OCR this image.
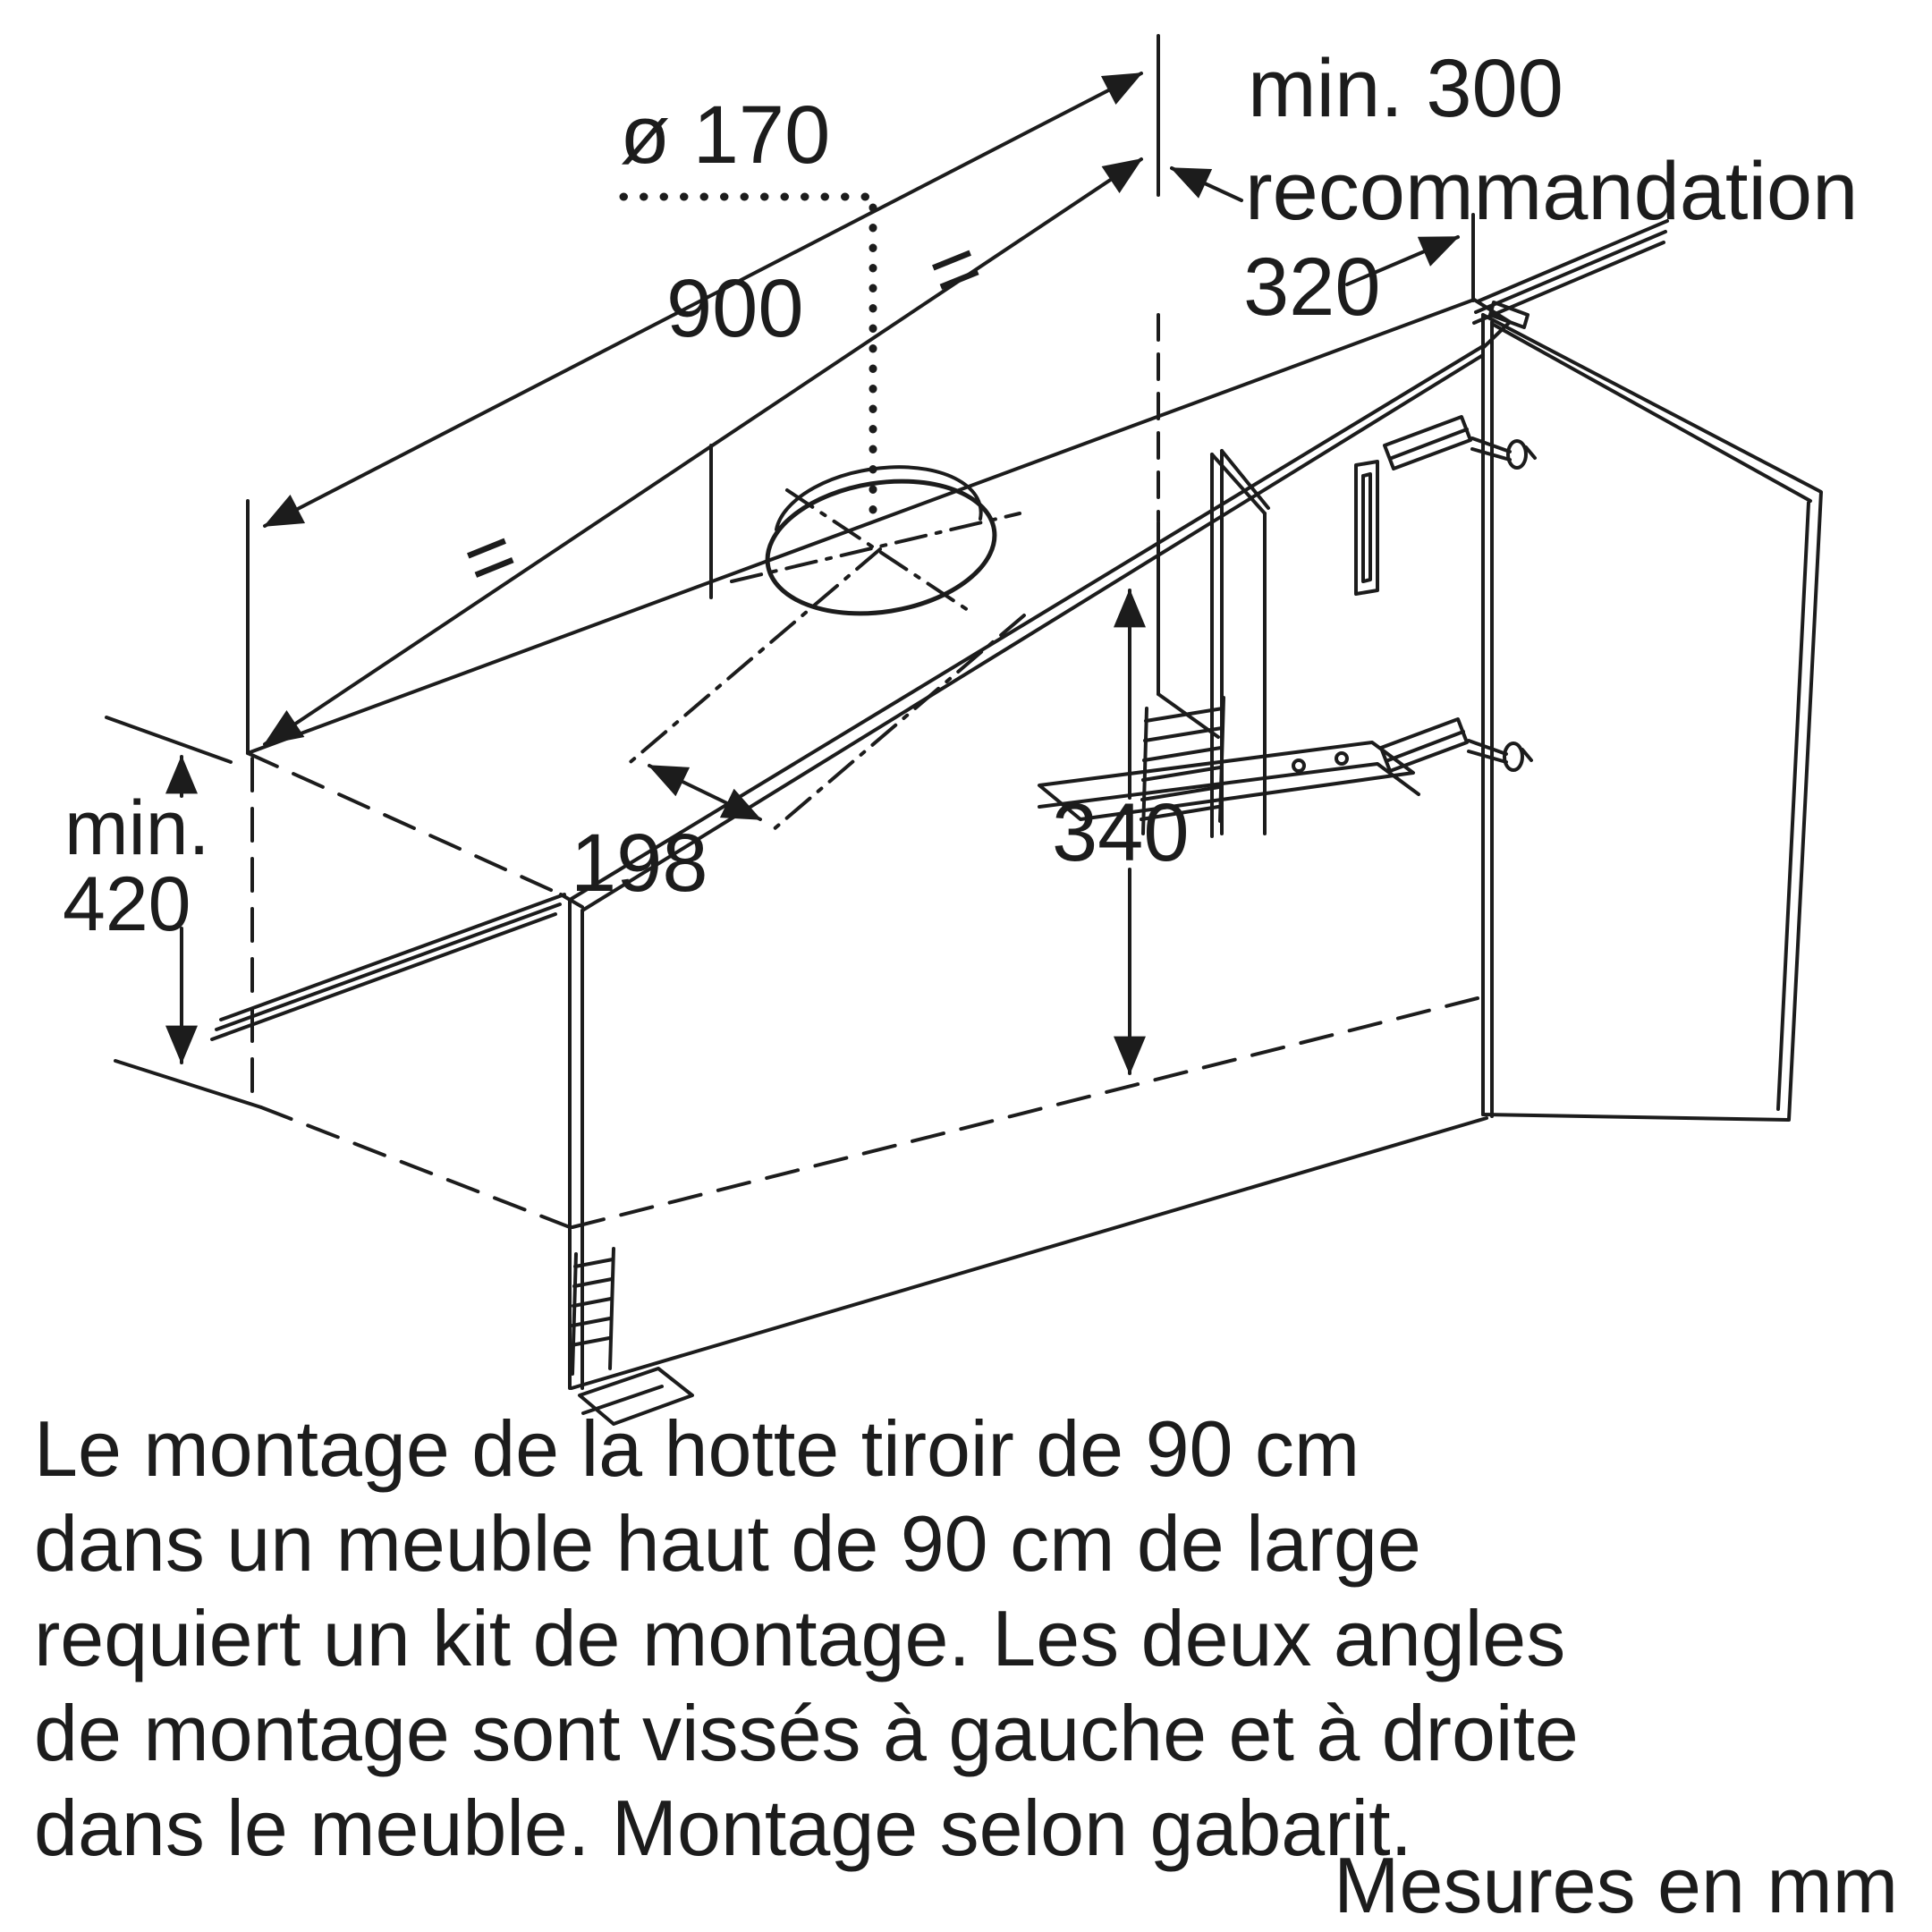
ø 170
900
=
=
min. 300
recommandation
320
198	340
min.
420
Le montage de la hotte tiroir de 90 cm
dans un meuble haut de 90 cm de large
requiert un kit de montage. Les deux angles
de montage sont vissés à gauche et à droite
dans le meuble. Montage selon gabarit.
Mesures en mm
